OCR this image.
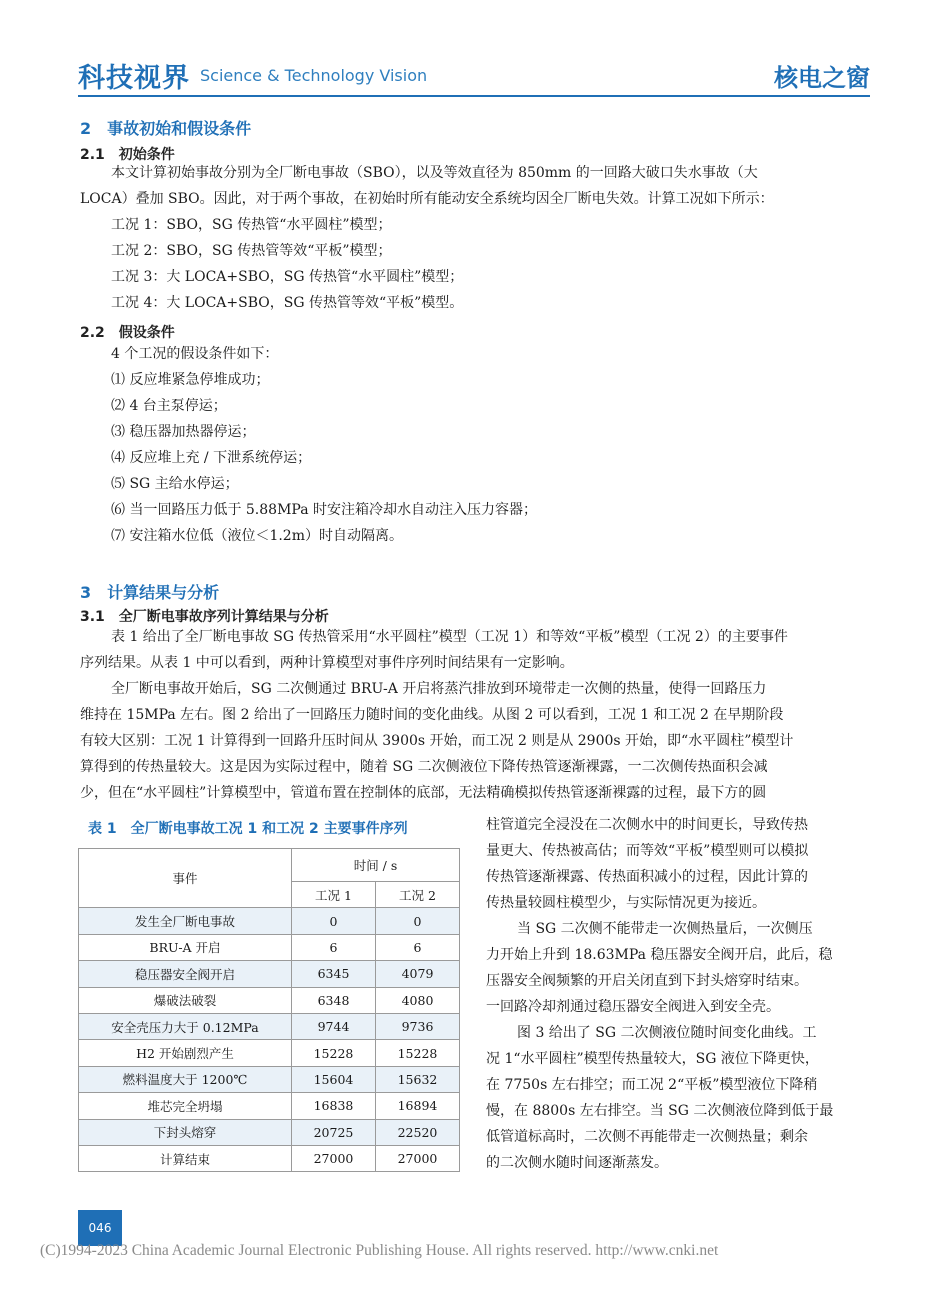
科技视界 Science & Technology Vision	核电之窗
2　事故初始和假设条件
2.1　初始条件
本文计算初始事故分别为全厂断电事故（SBO），以及等效直径为 850mm 的一回路大破口失水事故（大
LOCA）叠加 SBO。因此，对于两个事故，在初始时所有能动安全系统均因全厂断电失效。计算工况如下所示：
工况 1：SBO，SG 传热管“水平圆柱”模型；
工况 2：SBO，SG 传热管等效“平板”模型；
工况 3：大 LOCA+SBO，SG 传热管“水平圆柱”模型；
工况 4：大 LOCA+SBO，SG 传热管等效“平板”模型。
2.2　假设条件
4 个工况的假设条件如下：
⑴ 反应堆紧急停堆成功；
⑵ 4 台主泵停运；
⑶ 稳压器加热器停运；
⑷ 反应堆上充 / 下泄系统停运；
⑸ SG 主给水停运；
⑹ 当一回路压力低于 5.88MPa 时安注箱冷却水自动注入压力容器；
⑺ 安注箱水位低（液位＜1.2m）时自动隔离。
3　计算结果与分析
3.1　全厂断电事故序列计算结果与分析
表 1 给出了全厂断电事故 SG 传热管采用“水平圆柱”模型（工况 1）和等效“平板”模型（工况 2）的主要事件
序列结果。从表 1 中可以看到，两种计算模型对事件序列时间结果有一定影响。
全厂断电事故开始后，SG 二次侧通过 BRU-A 开启将蒸汽排放到环境带走一次侧的热量，使得一回路压力
维持在 15MPa 左右。图 2 给出了一回路压力随时间的变化曲线。从图 2 可以看到，工况 1 和工况 2 在早期阶段
有较大区别：工况 1 计算得到一回路升压时间从 3900s 开始，而工况 2 则是从 2900s 开始，即“水平圆柱”模型计
算得到的传热量较大。这是因为实际过程中，随着 SG 二次侧液位下降传热管逐渐裸露，一二次侧传热面积会减
少，但在“水平圆柱”计算模型中，管道布置在控制体的底部，无法精确模拟传热管逐渐裸露的过程，最下方的圆
柱管道完全浸没在二次侧水中的时间更长，导致传热
量更大、传热被高估；而等效“平板”模型则可以模拟
传热管逐渐裸露、传热面积减小的过程，因此计算的
传热量较圆柱模型少，与实际情况更为接近。
当 SG 二次侧不能带走一次侧热量后，一次侧压
力开始上升到 18.63MPa 稳压器安全阀开启，此后，稳
压器安全阀频繁的开启关闭直到下封头熔穿时结束。
一回路冷却剂通过稳压器安全阀进入到安全壳。
图 3 给出了 SG 二次侧液位随时间变化曲线。工
况 1“水平圆柱”模型传热量较大，SG 液位下降更快，
在 7750s 左右排空；而工况 2“平板”模型液位下降稍
慢，在 8800s 左右排空。当 SG 二次侧液位降到低于最
低管道标高时，二次侧不再能带走一次侧热量；剩余
的二次侧水随时间逐渐蒸发。
表 1　全厂断电事故工况 1 和工况 2 主要事件序列
事件	时间 / s	
	工况 1	工况 2
发生全厂断电事故	0	0
BRU-A 开启	6	6
稳压器安全阀开启	6345	4079
爆破法破裂	6348	4080
安全壳压力大于 0.12MPa	9744	9736
H2 开始剧烈产生	15228	15228
燃料温度大于 1200℃	15604	15632
堆芯完全坍塌	16838	16894
下封头熔穿	20725	22520
计算结束	27000	27000
046
(C)1994-2023 China Academic Journal Electronic Publishing House. All rights reserved. http://www.cnki.net
